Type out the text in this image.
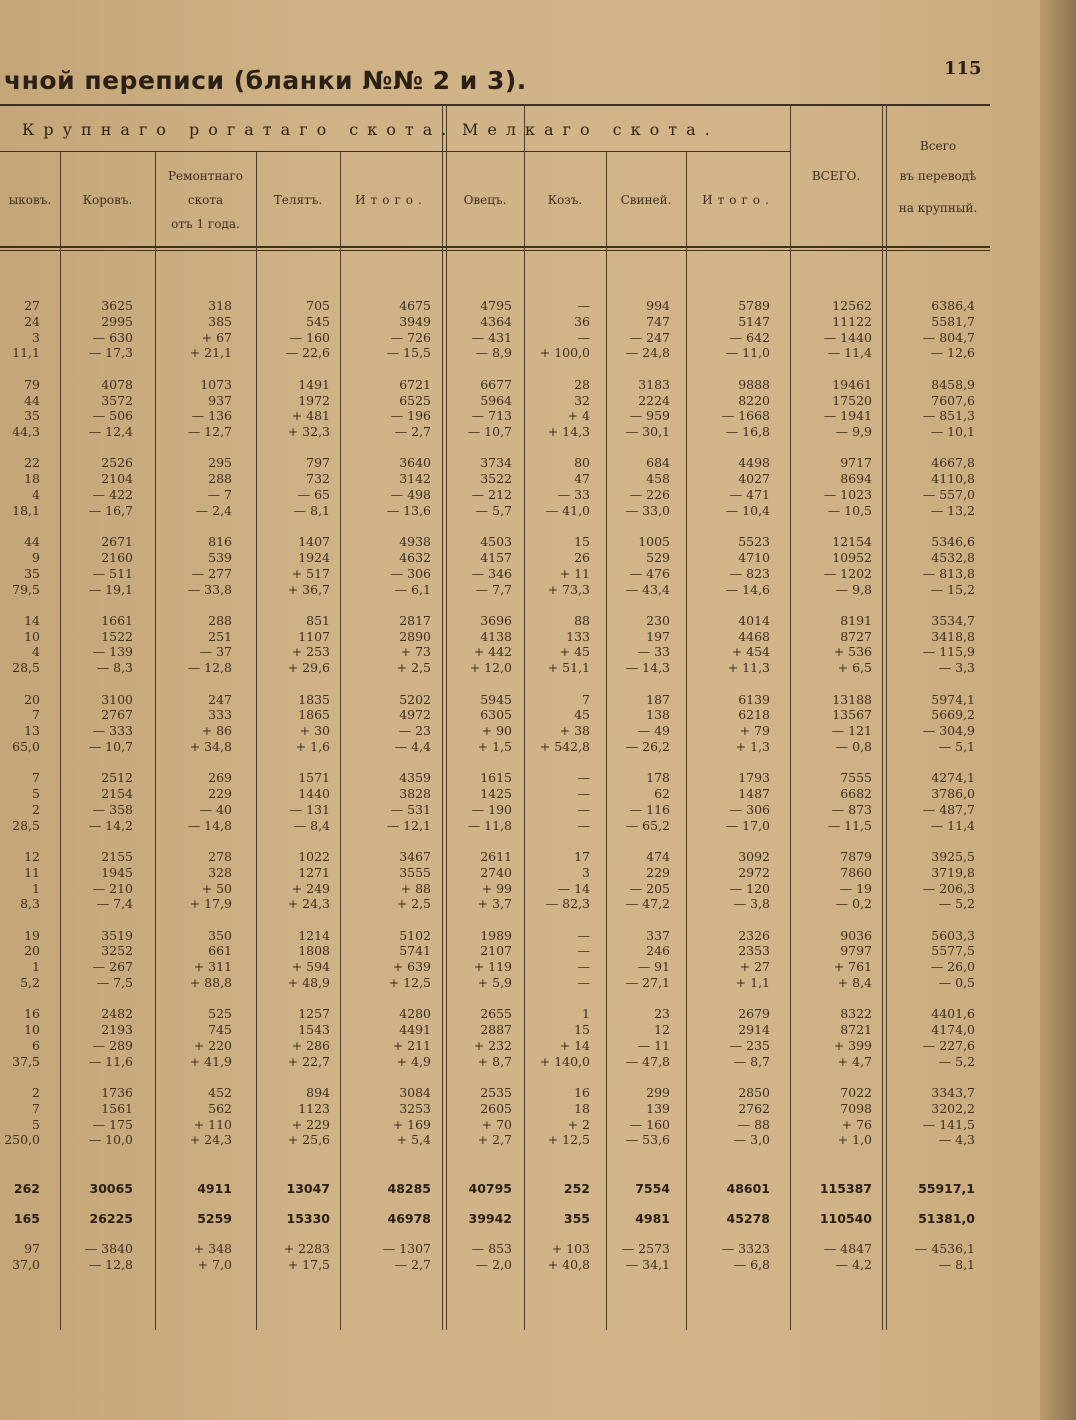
чной переписи (бланки №№ 2 и 3).	115
Крупнаго рогатаго скота. Мелкаго скота.
ыковъ.	Коровъ.
Ремонтнаго
скота
отъ 1 года.
Телятъ.	Итого.	Овецъ.	Козъ.	Свиней.	Итого.
ВСЕГО.
Всего
въ переводѣ
на крупный.
27	3625	318	705	4675	4795	—	994	5789	12562	6386,4
24	2995	385	545	3949	4364	36	747	5147	11122	5581,7
3	— 630	+ 67	— 160	— 726	— 431	—	— 247	— 642	— 1440	— 804,7
11,1	— 17,3	+ 21,1	— 22,6	— 15,5	— 8,9	+ 100,0	— 24,8	— 11,0	— 11,4	— 12,6
79	4078	1073	1491	6721	6677	28	3183	9888	19461	8458,9
44	3572	937	1972	6525	5964	32	2224	8220	17520	7607,6
35	— 506	— 136	+ 481	— 196	— 713	+ 4	— 959	— 1668	— 1941	— 851,3
44,3	— 12,4	— 12,7	+ 32,3	— 2,7	— 10,7	+ 14,3	— 30,1	— 16,8	— 9,9	— 10,1
22	2526	295	797	3640	3734	80	684	4498	9717	4667,8
18	2104	288	732	3142	3522	47	458	4027	8694	4110,8
4	— 422	— 7	— 65	— 498	— 212	— 33	— 226	— 471	— 1023	— 557,0
18,1	— 16,7	— 2,4	— 8,1	— 13,6	— 5,7	— 41,0	— 33,0	— 10,4	— 10,5	— 13,2
44	2671	816	1407	4938	4503	15	1005	5523	12154	5346,6
9	2160	539	1924	4632	4157	26	529	4710	10952	4532,8
35	— 511	— 277	+ 517	— 306	— 346	+ 11	— 476	— 823	— 1202	— 813,8
79,5	— 19,1	— 33,8	+ 36,7	— 6,1	— 7,7	+ 73,3	— 43,4	— 14,6	— 9,8	— 15,2
14	1661	288	851	2817	3696	88	230	4014	8191	3534,7
10	1522	251	1107	2890	4138	133	197	4468	8727	3418,8
4	— 139	— 37	+ 253	+ 73	+ 442	+ 45	— 33	+ 454	+ 536	— 115,9
28,5	— 8,3	— 12,8	+ 29,6	+ 2,5	+ 12,0	+ 51,1	— 14,3	+ 11,3	+ 6,5	— 3,3
20	3100	247	1835	5202	5945	7	187	6139	13188	5974,1
7	2767	333	1865	4972	6305	45	138	6218	13567	5669,2
13	— 333	+ 86	+ 30	— 23	+ 90	+ 38	— 49	+ 79	— 121	— 304,9
65,0	— 10,7	+ 34,8	+ 1,6	— 4,4	+ 1,5	+ 542,8	— 26,2	+ 1,3	— 0,8	— 5,1
7	2512	269	1571	4359	1615	—	178	1793	7555	4274,1
5	2154	229	1440	3828	1425	—	62	1487	6682	3786,0
2	— 358	— 40	— 131	— 531	— 190	—	— 116	— 306	— 873	— 487,7
28,5	— 14,2	— 14,8	— 8,4	— 12,1	— 11,8	—	— 65,2	— 17,0	— 11,5	— 11,4
12	2155	278	1022	3467	2611	17	474	3092	7879	3925,5
11	1945	328	1271	3555	2740	3	229	2972	7860	3719,8
1	— 210	+ 50	+ 249	+ 88	+ 99	— 14	— 205	— 120	— 19	— 206,3
8,3	— 7,4	+ 17,9	+ 24,3	+ 2,5	+ 3,7	— 82,3	— 47,2	— 3,8	— 0,2	— 5,2
19	3519	350	1214	5102	1989	—	337	2326	9036	5603,3
20	3252	661	1808	5741	2107	—	246	2353	9797	5577,5
1	— 267	+ 311	+ 594	+ 639	+ 119	—	— 91	+ 27	+ 761	— 26,0
5,2	— 7,5	+ 88,8	+ 48,9	+ 12,5	+ 5,9	—	— 27,1	+ 1,1	+ 8,4	— 0,5
16	2482	525	1257	4280	2655	1	23	2679	8322	4401,6
10	2193	745	1543	4491	2887	15	12	2914	8721	4174,0
6	— 289	+ 220	+ 286	+ 211	+ 232	+ 14	— 11	— 235	+ 399	— 227,6
37,5	— 11,6	+ 41,9	+ 22,7	+ 4,9	+ 8,7	+ 140,0	— 47,8	— 8,7	+ 4,7	— 5,2
2	1736	452	894	3084	2535	16	299	2850	7022	3343,7
7	1561	562	1123	3253	2605	18	139	2762	7098	3202,2
5	— 175	+ 110	+ 229	+ 169	+ 70	+ 2	— 160	— 88	+ 76	— 141,5
250,0	— 10,0	+ 24,3	+ 25,6	+ 5,4	+ 2,7	+ 12,5	— 53,6	— 3,0	+ 1,0	— 4,3
262	30065	4911	13047	48285	40795	252	7554	48601	115387	55917,1
165	26225	5259	15330	46978	39942	355	4981	45278	110540	51381,0
97	— 3840	+ 348	+ 2283	— 1307	— 853	+ 103	— 2573	— 3323	— 4847	— 4536,1
37,0	— 12,8	+ 7,0	+ 17,5	— 2,7	— 2,0	+ 40,8	— 34,1	— 6,8	— 4,2	— 8,1
